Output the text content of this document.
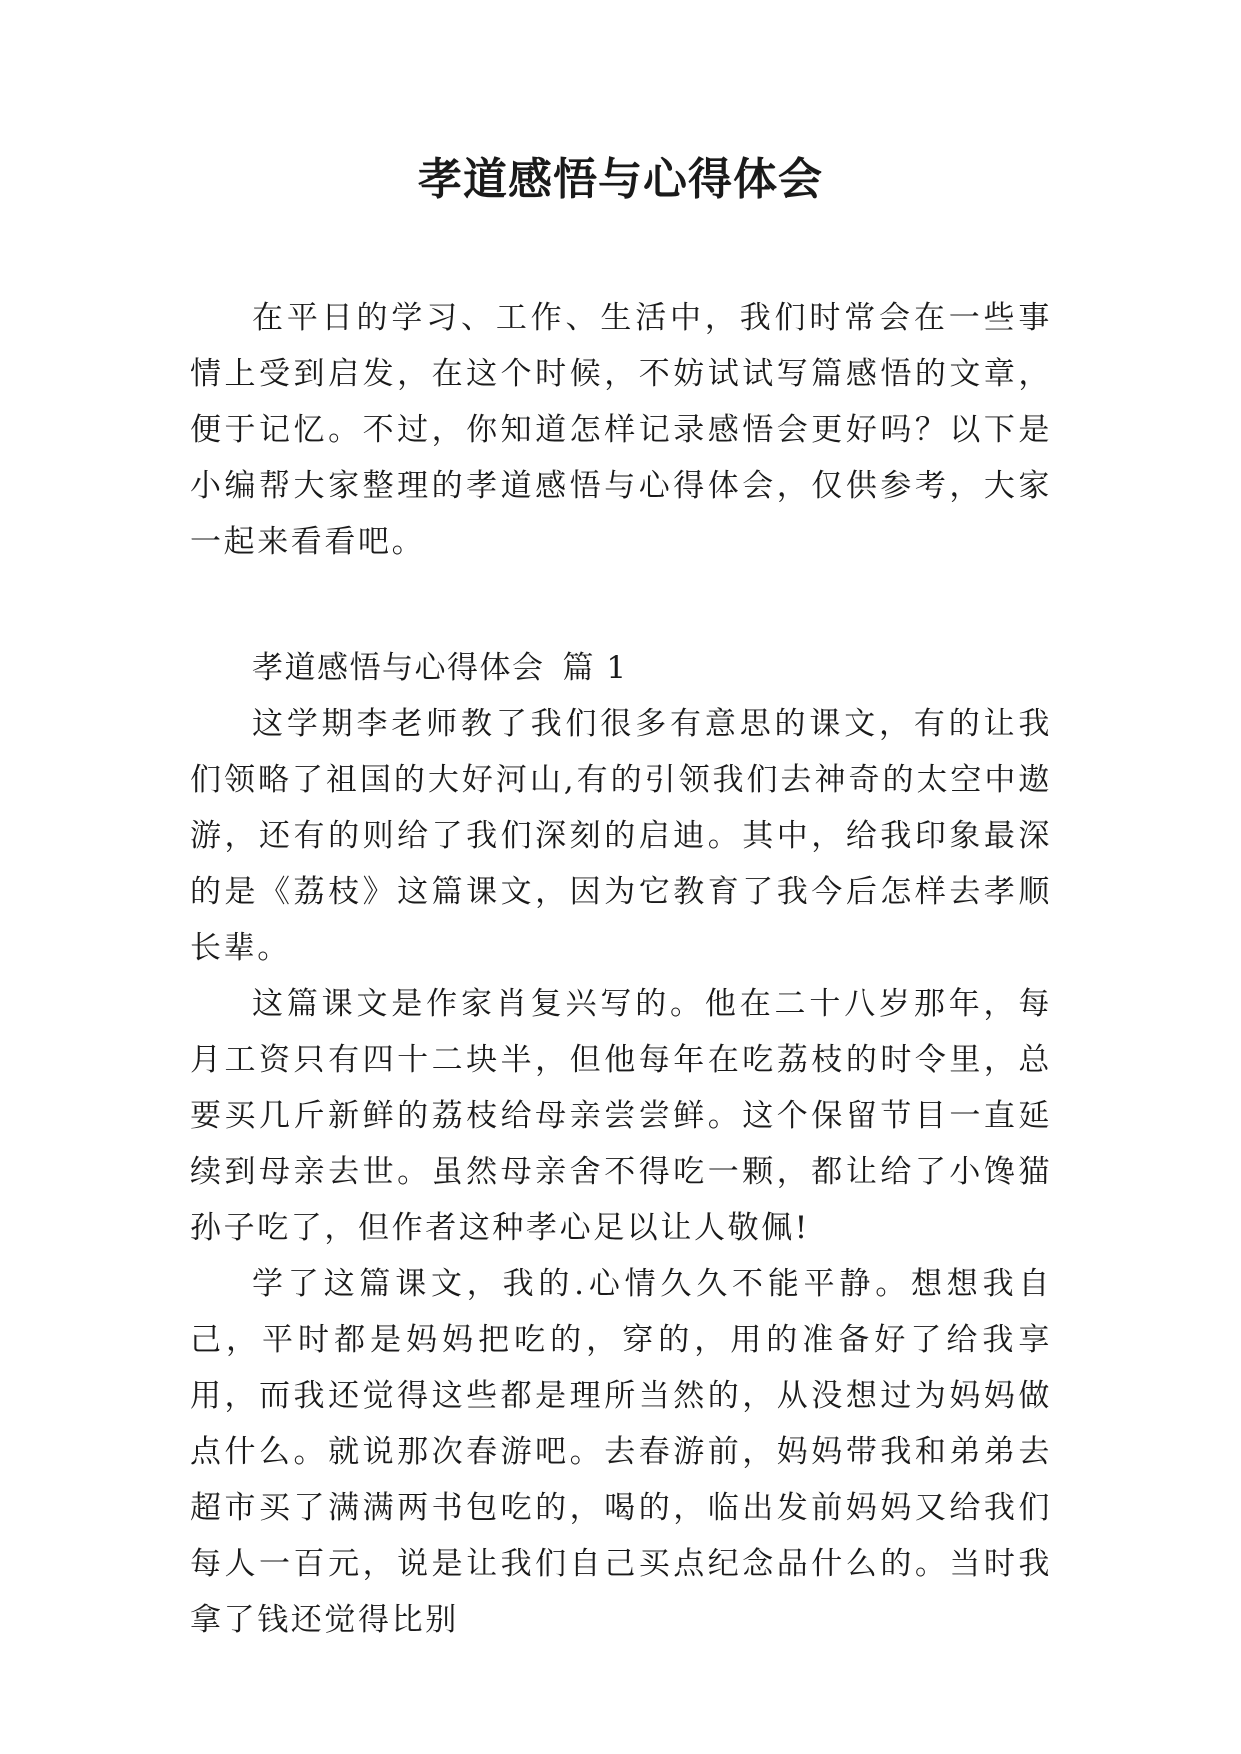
孝道感悟与心得体会

在平日的学习、工作、生活中，我们时常会在一些事情上受到启发，在这个时候，不妨试试写篇感悟的文章，便于记忆。不过，你知道怎样记录感悟会更好吗？以下是小编帮大家整理的孝道感悟与心得体会，仅供参考，大家一起来看看吧。

孝道感悟与心得体会 篇 1

这学期李老师教了我们很多有意思的课文，有的让我们领略了祖国的大好河山,有的引领我们去神奇的太空中遨游，还有的则给了我们深刻的启迪。其中，给我印象最深的是《荔枝》这篇课文，因为它教育了我今后怎样去孝顺长辈。

这篇课文是作家肖复兴写的。他在二十八岁那年，每月工资只有四十二块半，但他每年在吃荔枝的时令里，总要买几斤新鲜的荔枝给母亲尝尝鲜。这个保留节目一直延续到母亲去世。虽然母亲舍不得吃一颗，都让给了小馋猫孙子吃了，但作者这种孝心足以让人敬佩!

学了这篇课文，我的.心情久久不能平静。想想我自己，平时都是妈妈把吃的，穿的，用的准备好了给我享用，而我还觉得这些都是理所当然的，从没想过为妈妈做点什么。就说那次春游吧。去春游前，妈妈带我和弟弟去超市买了满满两书包吃的，喝的，临出发前妈妈又给我们每人一百元，说是让我们自己买点纪念品什么的。当时我拿了钱还觉得比别
